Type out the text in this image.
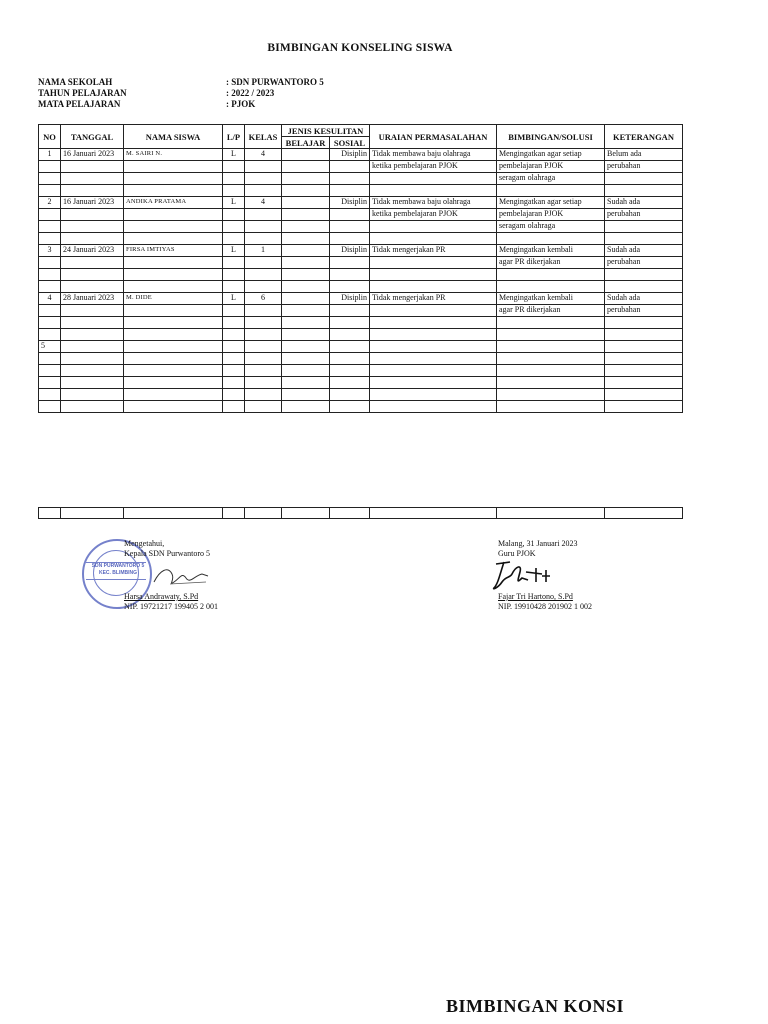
BIMBINGAN KONSELING SISWA
NAMA SEKOLAH	: SDN PURWANTORO 5
TAHUN PELAJARAN	: 2022 / 2023
MATA PELAJARAN	: PJOK
NO	TANGGAL	NAMA SISWA	L/P	KELAS	JENIS KESULITAN		URAIAN PERMASALAHAN	BIMBINGAN/SOLUSI	KETERANGAN
					BELAJAR	SOSIAL			
1	16 Januari 2023	M. SAIRI N.	L	4		Disiplin	Tidak membawa baju olahraga	Mengingatkan agar setiap	Belum ada
							ketika pembelajaran PJOK	pembelajaran PJOK	perubahan
								seragam olahraga	

2	16 Januari 2023	ANDIKA PRATAMA	L	4		Disiplin	Tidak membawa baju olahraga	Mengingatkan agar setiap	Sudah ada
							ketika pembelajaran PJOK	pembelajaran PJOK	perubahan
								seragam olahraga	

3	24 Januari 2023	FIRSA IMTIYAS	L	1		Disiplin	Tidak mengerjakan PR	Mengingatkan kembali	Sudah ada
								agar PR dikerjakan	perubahan

4	28 Januari 2023	M. DIDE	L	6		Disiplin	Tidak mengerjakan PR	Mengingatkan kembali	Sudah ada
								agar PR dikerjakan	perubahan

5									

SDN PURWANTORO 5
KEC. BLIMBING
Mengetahui,
Kepala SDN Purwantoro 5
Harsa Andrawaty, S.Pd
NIP. 19721217 199405 2 001
Malang, 31 Januari 2023
Guru PJOK
Fajar Tri Hartono, S.Pd
NIP. 19910428 201902 1 002
BIMBINGAN KONSI
